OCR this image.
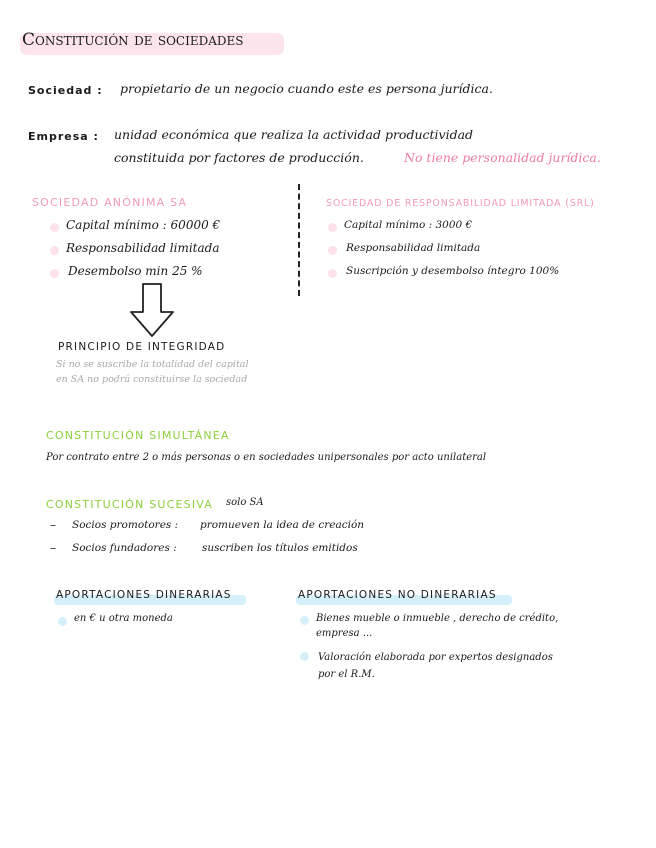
Constitución de sociedades
Sociedad : propietario de un negocio cuando este es persona jurídica.
Empresa : unidad económica que realiza la actividad productividad
constituida por factores de producción.	No tiene personalidad jurídica.
SOCIEDAD ANÓNIMA SA
Capital mínimo : 60000 €
Responsabilidad limitada
Desembolso min 25 %
SOCIEDAD DE RESPONSABILIDAD LIMITADA (SRL)
Capital mínimo : 3000 €
Responsabilidad limitada
Suscripción y desembolso íntegro 100%
PRINCIPIO DE INTEGRIDAD
Si no se suscribe la totalidad del capital
en SA no podrá constituirse la sociedad
CONSTITUCIÓN SIMULTÁNEA
Por contrato entre 2 o más personas o en sociedades unipersonales por acto unilateral
CONSTITUCIÓN SUCESIVA solo SA
– Socios promotores : promueven la idea de creación
– Socios fundadores : suscriben los títulos emitidos
APORTACIONES DINERARIAS
en € u otra moneda
APORTACIONES NO DINERARIAS
Bienes mueble o inmueble , derecho de crédito,
empresa ...
Valoración elaborada por expertos designados
por el R.M.
